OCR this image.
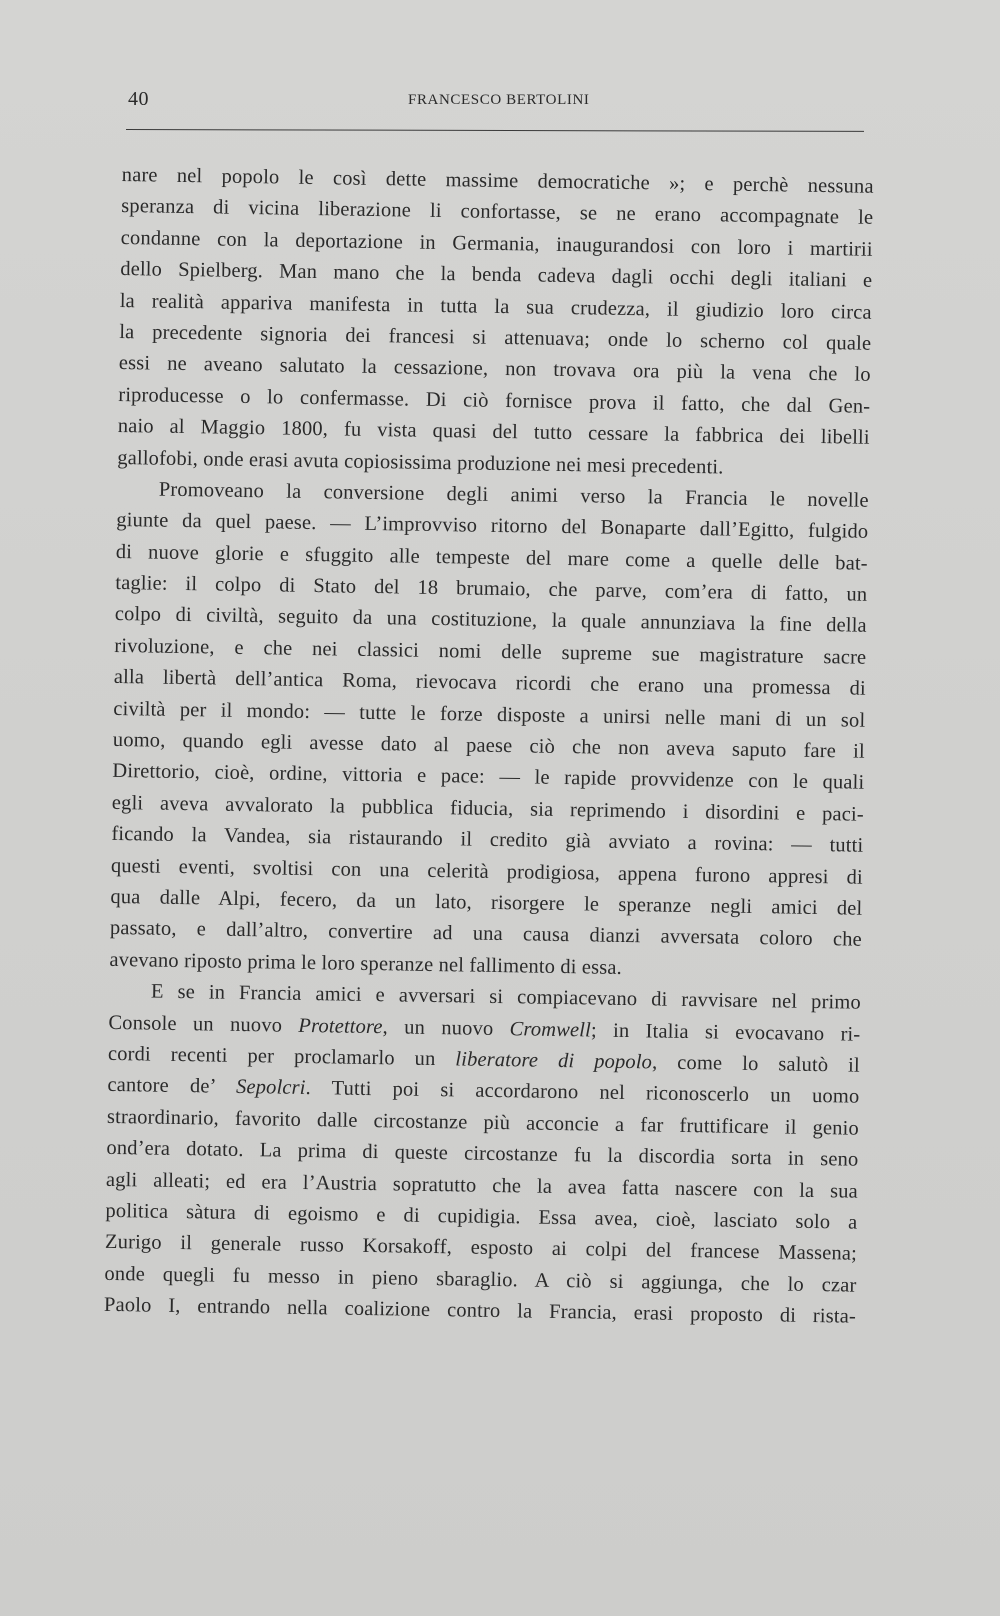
40	FRANCESCO BERTOLINI
nare nel popolo le così dette massime democratiche »; e perchè nessuna
speranza di vicina liberazione li confortasse, se ne erano accompagnate le
condanne con la deportazione in Germania, inaugurandosi con loro i martirii
dello Spielberg. Man mano che la benda cadeva dagli occhi degli italiani e
la realità appariva manifesta in tutta la sua crudezza, il giudizio loro circa
la precedente signoria dei francesi si attenuava; onde lo scherno col quale
essi ne aveano salutato la cessazione, non trovava ora più la vena che lo
riproducesse o lo confermasse. Di ciò fornisce prova il fatto, che dal Gen-
naio al Maggio 1800, fu vista quasi del tutto cessare la fabbrica dei libelli
gallofobi, onde erasi avuta copiosissima produzione nei mesi precedenti.
Promoveano la conversione degli animi verso la Francia le novelle
giunte da quel paese. — L’improvviso ritorno del Bonaparte dall’Egitto, fulgido
di nuove glorie e sfuggito alle tempeste del mare come a quelle delle bat-
taglie: il colpo di Stato del 18 brumaio, che parve, com’era di fatto, un
colpo di civiltà, seguito da una costituzione, la quale annunziava la fine della
rivoluzione, e che nei classici nomi delle supreme sue magistrature sacre
alla libertà dell’antica Roma, rievocava ricordi che erano una promessa di
civiltà per il mondo: — tutte le forze disposte a unirsi nelle mani di un sol
uomo, quando egli avesse dato al paese ciò che non aveva saputo fare il
Direttorio, cioè, ordine, vittoria e pace: — le rapide provvidenze con le quali
egli aveva avvalorato la pubblica fiducia, sia reprimendo i disordini e paci-
ficando la Vandea, sia ristaurando il credito già avviato a rovina: — tutti
questi eventi, svoltisi con una celerità prodigiosa, appena furono appresi di
qua dalle Alpi, fecero, da un lato, risorgere le speranze negli amici del
passato, e dall’altro, convertire ad una causa dianzi avversata coloro che
avevano riposto prima le loro speranze nel fallimento di essa.
E se in Francia amici e avversari si compiacevano di ravvisare nel primo
Console un nuovo Protettore, un nuovo Cromwell; in Italia si evocavano ri-
cordi recenti per proclamarlo un liberatore di popolo, come lo salutò il
cantore de’ Sepolcri. Tutti poi si accordarono nel riconoscerlo un uomo
straordinario, favorito dalle circostanze più acconcie a far fruttificare il genio
ond’era dotato. La prima di queste circostanze fu la discordia sorta in seno
agli alleati; ed era l’Austria sopratutto che la avea fatta nascere con la sua
politica sàtura di egoismo e di cupidigia. Essa avea, cioè, lasciato solo a
Zurigo il generale russo Korsakoff, esposto ai colpi del francese Massena;
onde quegli fu messo in pieno sbaraglio. A ciò si aggiunga, che lo czar
Paolo I, entrando nella coalizione contro la Francia, erasi proposto di rista-
